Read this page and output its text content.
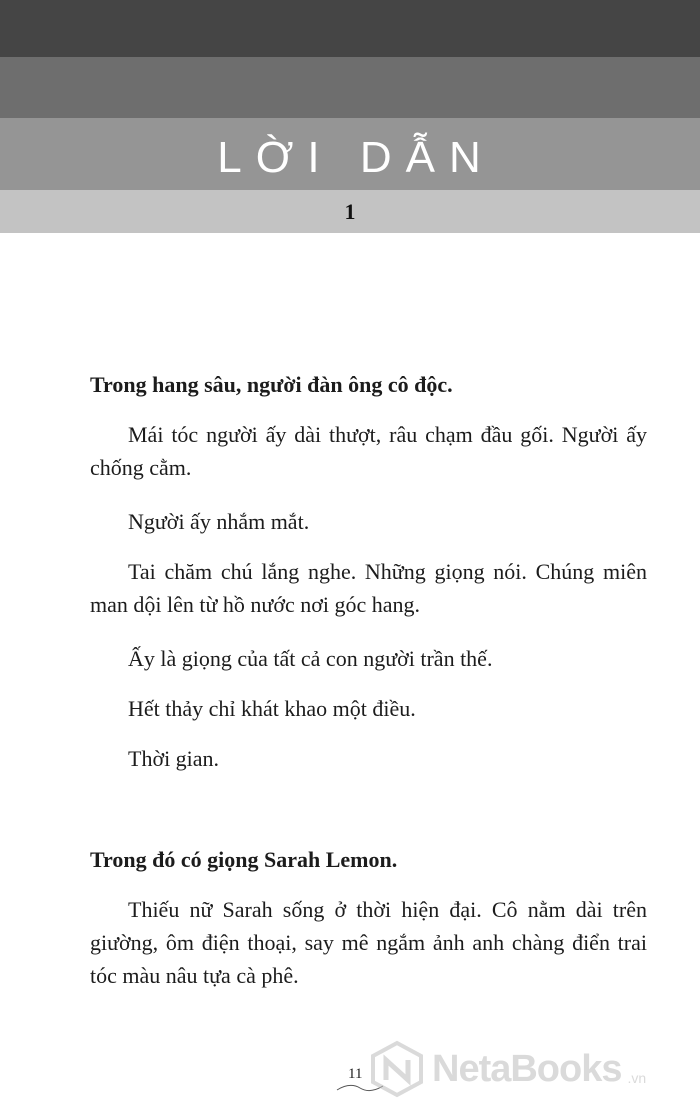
LỜI DẪN
1

Trong hang sâu, người đàn ông cô độc.

Mái tóc người ấy dài thượt, râu chạm đầu gối. Người ấy chống cằm.

Người ấy nhắm mắt.

Tai chăm chú lắng nghe. Những giọng nói. Chúng miên man dội lên từ hồ nước nơi góc hang.

Ấy là giọng của tất cả con người trần thế.

Hết thảy chỉ khát khao một điều.

Thời gian.

Trong đó có giọng Sarah Lemon.

Thiếu nữ Sarah sống ở thời hiện đại. Cô nằm dài trên giường, ôm điện thoại, say mê ngắm ảnh anh chàng điển trai tóc màu nâu tựa cà phê.

11 NetaBooks .vn
